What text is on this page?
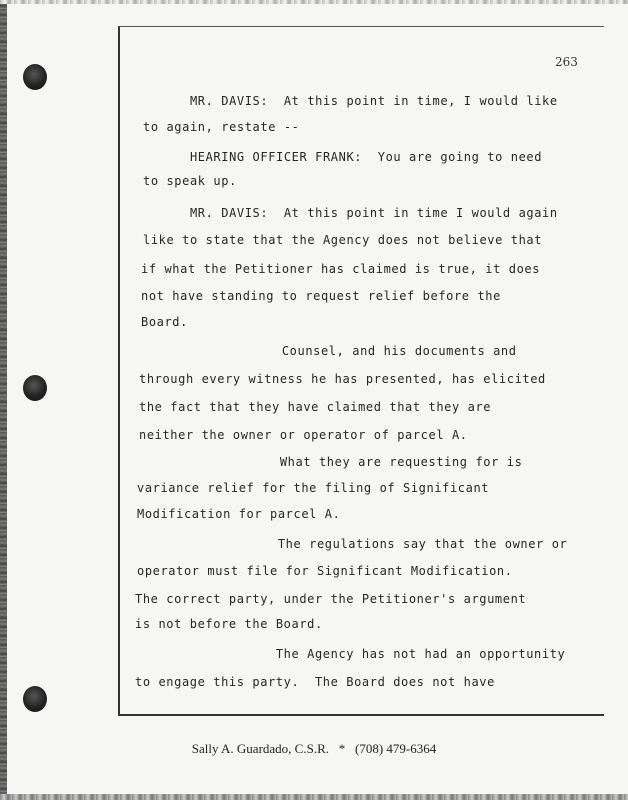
263
MR. DAVIS:  At this point in time, I would like
to again, restate --
HEARING OFFICER FRANK:  You are going to need
to speak up.
MR. DAVIS:  At this point in time I would again
like to state that the Agency does not believe that
if what the Petitioner has claimed is true, it does
not have standing to request relief before the
Board.
Counsel, and his documents and
through every witness he has presented, has elicited
the fact that they have claimed that they are
neither the owner or operator of parcel A.
What they are requesting for is
variance relief for the filing of Significant
Modification for parcel A.
The regulations say that the owner or
operator must file for Significant Modification.
The correct party, under the Petitioner's argument
is not before the Board.
The Agency has not had an opportunity
to engage this party.  The Board does not have
Sally A. Guardado, C.S.R.   *   (708) 479-6364
